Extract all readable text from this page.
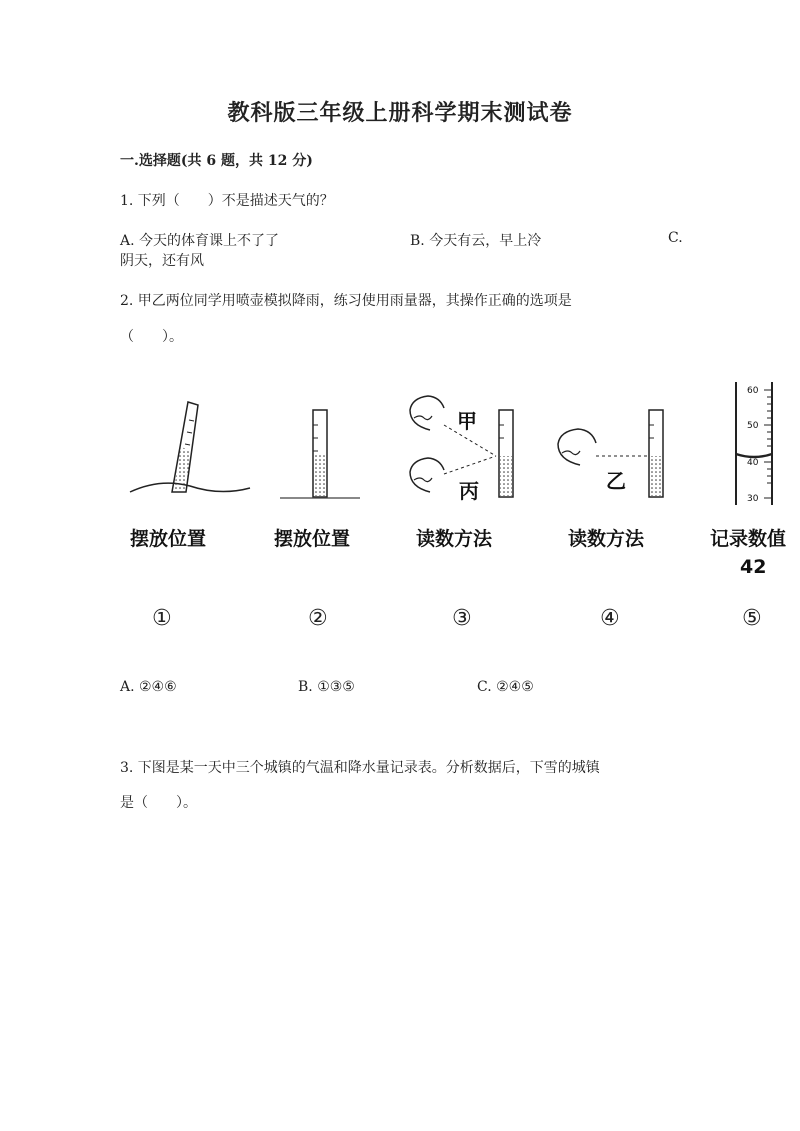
教科版三年级上册科学期末测试卷
一.选择题(共 6 题，共 12 分)
1. 下列（　　）不是描述天气的？
A. 今天的体育课上不了了	B. 今天有云，早上冷	C.
阴天，还有风
2. 甲乙两位同学用喷壶模拟降雨，练习使用雨量器，其操作正确的选项是
（　　）。
甲
丙	乙
60
50
40
30
摆放位置	摆放位置	读数方法	读数方法	记录数值
42
①	②	③	④	⑤
A. ②④⑥	B. ①③⑤	C. ②④⑤
3. 下图是某一天中三个城镇的气温和降水量记录表。分析数据后，下雪的城镇
是（　　）。
